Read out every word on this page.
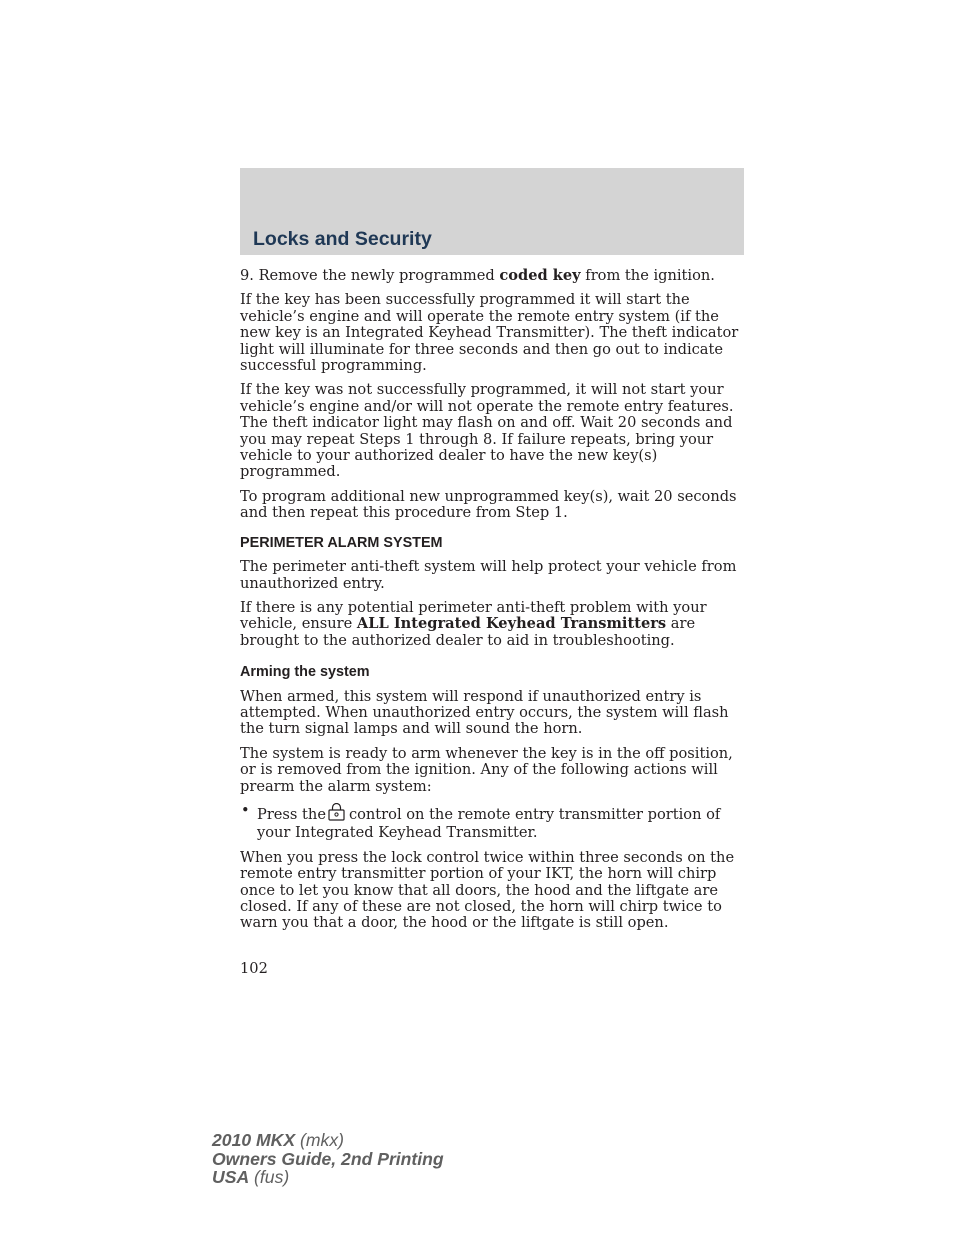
Locks and Security

9. Remove the newly programmed coded key from the ignition.

If the key has been successfully programmed it will start the vehicle’s engine and will operate the remote entry system (if the new key is an Integrated Keyhead Transmitter). The theft indicator light will illuminate for three seconds and then go out to indicate successful programming.

If the key was not successfully programmed, it will not start your vehicle’s engine and/or will not operate the remote entry features. The theft indicator light may flash on and off. Wait 20 seconds and you may repeat Steps 1 through 8. If failure repeats, bring your vehicle to your authorized dealer to have the new key(s) programmed.

To program additional new unprogrammed key(s), wait 20 seconds and then repeat this procedure from Step 1.

PERIMETER ALARM SYSTEM

The perimeter anti-theft system will help protect your vehicle from unauthorized entry.

If there is any potential perimeter anti-theft problem with your vehicle, ensure ALL Integrated Keyhead Transmitters are brought to the authorized dealer to aid in troubleshooting.

Arming the system

When armed, this system will respond if unauthorized entry is attempted. When unauthorized entry occurs, the system will flash the turn signal lamps and will sound the horn.

The system is ready to arm whenever the key is in the off position, or is removed from the ignition. Any of the following actions will prearm the alarm system:

• Press the control on the remote entry transmitter portion of your Integrated Keyhead Transmitter.

When you press the lock control twice within three seconds on the remote entry transmitter portion of your IKT, the horn will chirp once to let you know that all doors, the hood and the liftgate are closed. If any of these are not closed, the horn will chirp twice to warn you that a door, the hood or the liftgate is still open.

102
2010 MKX (mkx)
Owners Guide, 2nd Printing
USA (fus)
